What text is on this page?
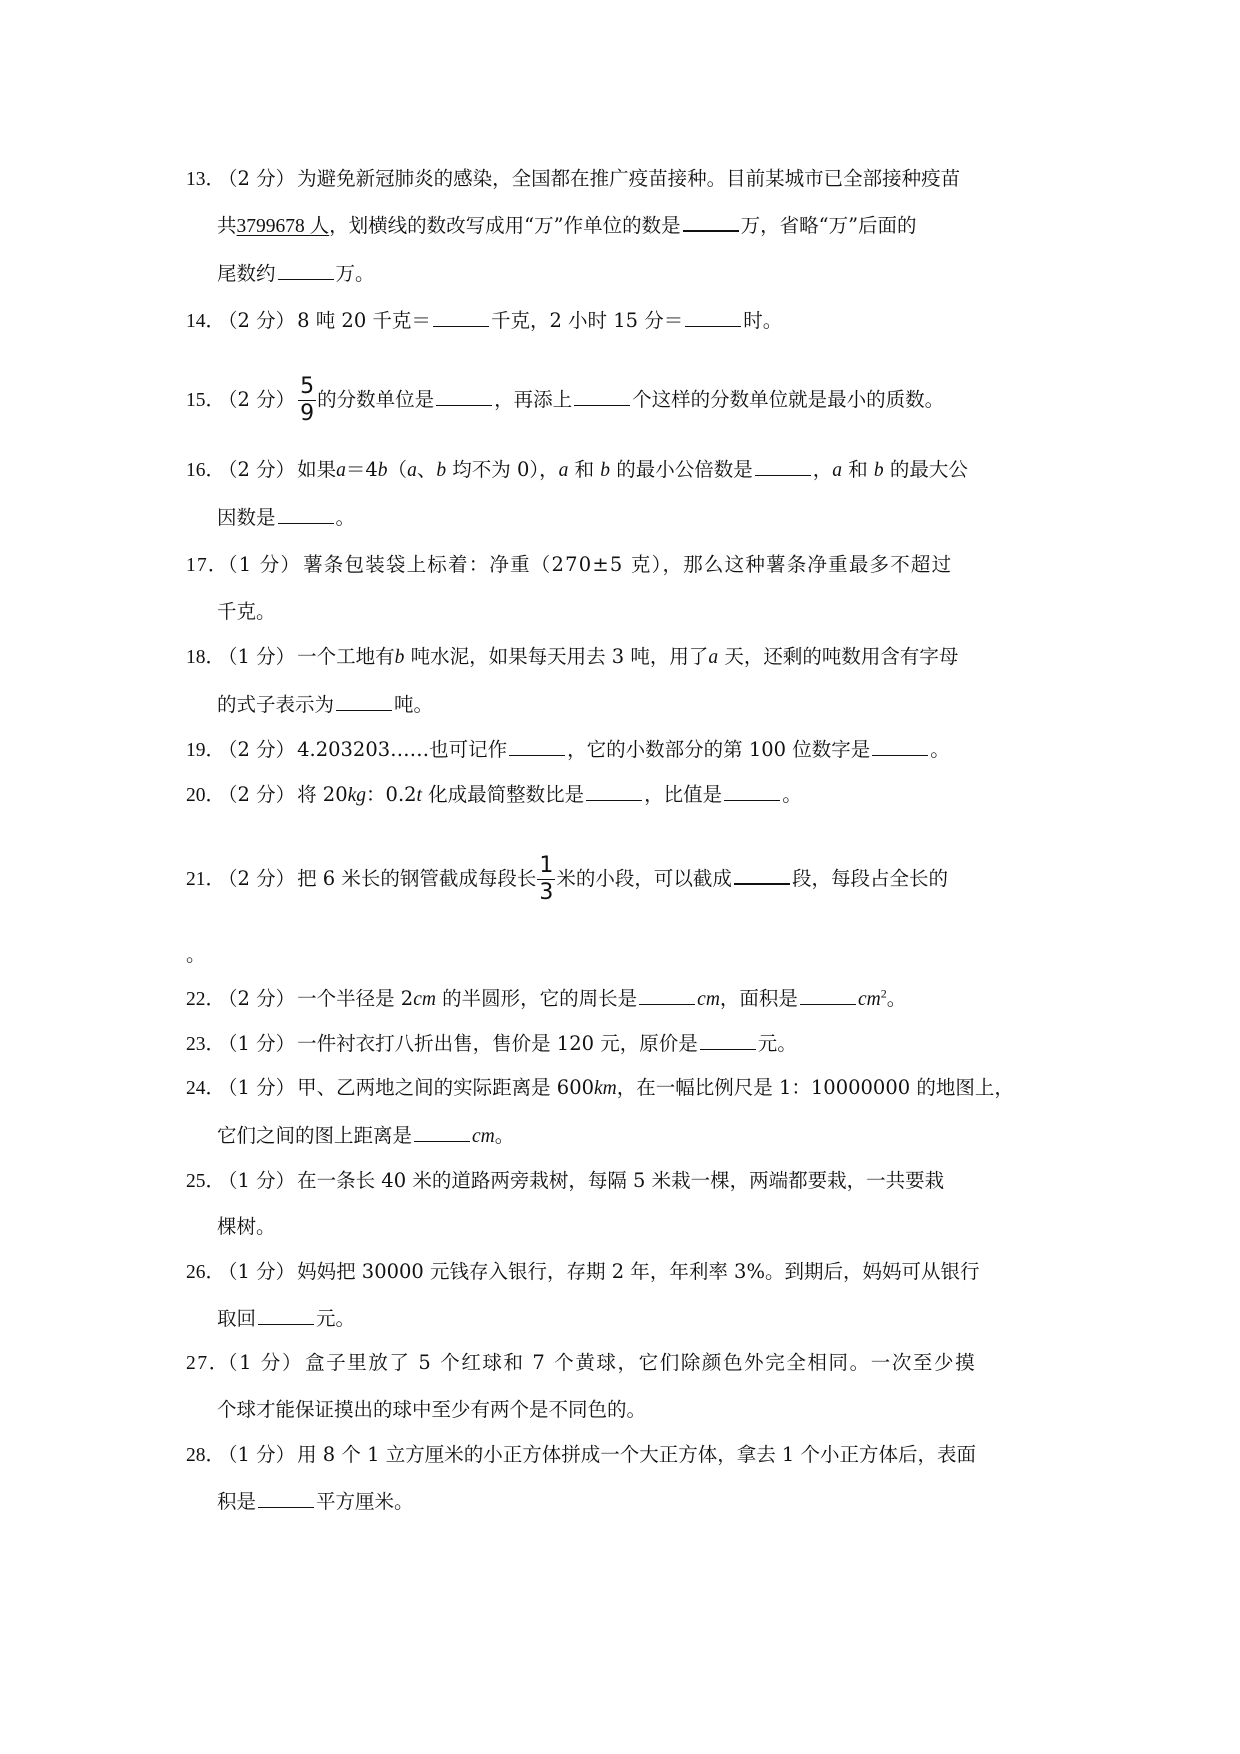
13．（2 分） 为避免新冠肺炎的感染，全国都在推广疫苗接种。目前某城市已全部接种疫苗
共3799678 人，划横线的数改写成用“万”作单位的数是	万，省略“万”后面的
尾数约	万。
14．（2 分） 8 吨 20 千克＝	千克，2 小时 15 分＝	时。
15．（2 分） $\frac{5}{9}$ 的分数单位是	，再添上	个这样的分数单位就是最小的质数。
16．（2 分） 如果a＝4b（a、b 均不为 0），a 和 b 的最小公倍数是	，a 和 b 的最大公
因数是	。
17．（1 分） 薯条包装袋上标着：净重（270±5 克），那么这种薯条净重最多不超过
千克。
18．（1 分） 一个工地有b 吨水泥，如果每天用去 3 吨，用了a 天，还剩的吨数用含有字母
的式子表示为	吨。
19．（2 分） 4.203203……也可记作	，它的小数部分的第 100 位数字是	。
20．（2 分） 将 20kg：0.2t 化成最简整数比是	，比值是	。
21．（2 分） 把 6 米长的钢管截成每段长 $\frac{1}{3}$ 米的小段，可以截成	段，每段占全长的
。
22．（2 分） 一个半径是 2cm 的半圆形，它的周长是	cm，面积是	$cm^2$。
23．（1 分） 一件衬衣打八折出售，售价是 120 元，原价是	元。
24．（1 分） 甲、乙两地之间的实际距离是 600km，在一幅比例尺是 1：10000000 的地图上，
它们之间的图上距离是	cm。
25．（1 分） 在一条长 40 米的道路两旁栽树，每隔 5 米栽一棵，两端都要栽，一共要栽
棵树。
26．（1 分） 妈妈把 30000 元钱存入银行，存期 2 年，年利率 3%。到期后，妈妈可从银行
取回	元。
27．（1 分） 盒子里放了 5 个红球和 7 个黄球，它们除颜色外完全相同。一次至少摸
个球才能保证摸出的球中至少有两个是不同色的。
28．（1 分） 用 8 个 1 立方厘米的小正方体拼成一个大正方体，拿去 1 个小正方体后，表面
积是	平方厘米。
